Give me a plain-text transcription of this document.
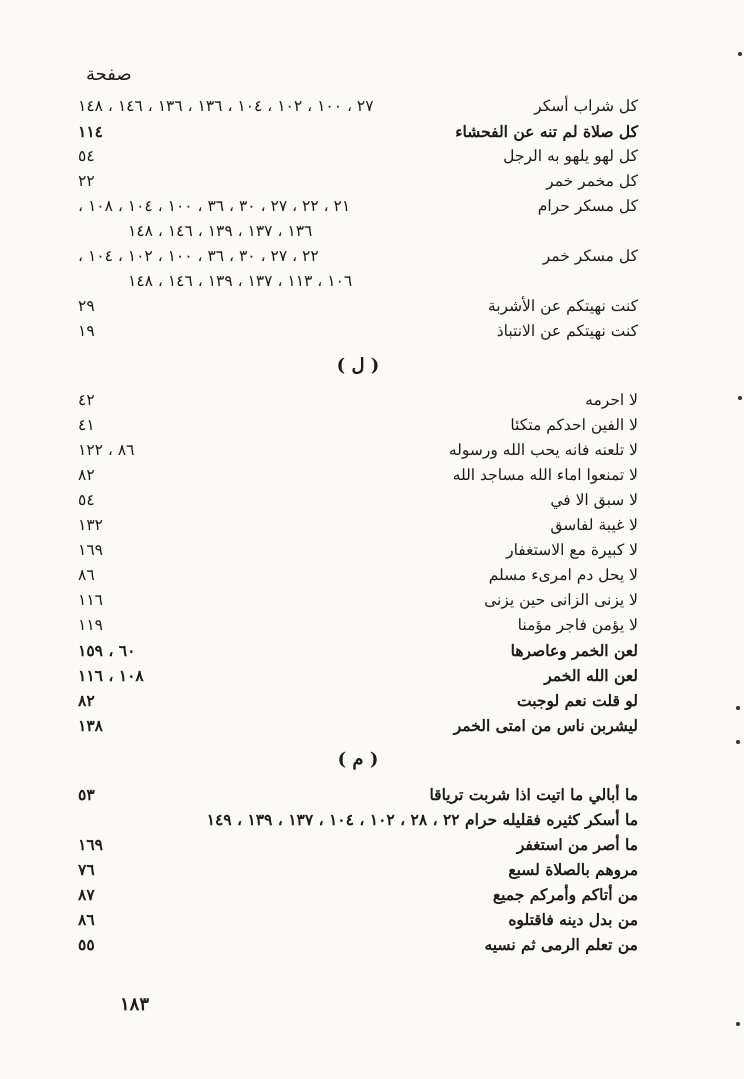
صفحة
كل شراب أسكر
٢٧ ، ١٠٠ ، ١٠٢ ، ١٠٤ ، ١٣٦ ، ١٣٦ ، ١٤٦ ، ١٤٨
كل صلاة لم تنه عن الفحشاء
١١٤
كل لهو يلهو به الرجل
٥٤
كل مخمر خمر
٢٢
كل مسكر حرام
٢١ ، ٢٢ ، ٢٧ ، ٣٠ ، ٣٦ ، ١٠٠ ، ١٠٤ ، ١٠٨ ،
١٣٦ ، ١٣٧ ، ١٣٩ ، ١٤٦ ، ١٤٨
كل مسكر خمر
٢٢ ، ٢٧ ، ٣٠ ، ٣٦ ، ١٠٠ ، ١٠٢ ، ١٠٤ ،
١٠٦ ، ١١٣ ، ١٣٧ ، ١٣٩ ، ١٤٦ ، ١٤٨
كنت نهيتكم عن الأشربة
٢٩
كنت نهيتكم عن الانتباذ
١٩
( ل )
لا احرمه
٤٢
لا الفين احدكم متكئا
٤١
لا تلعنه فانه يحب الله ورسوله
٨٦ ، ١٢٢
لا تمنعوا اماء الله مساجد الله
٨٢
لا سبق الا في
٥٤
لا غيبة لفاسق
١٣٢
لا كبيرة مع الاستغفار
١٦٩
لا يحل دم امرىء مسلم
٨٦
لا يزنى الزانى حين يزنى
١١٦
لا يؤمن فاجر مؤمنا
١١٩
لعن الخمر وعاصرها
٦٠ ، ١٥٩
لعن الله الخمر
١٠٨ ، ١١٦
لو قلت نعم لوجبت
٨٢
ليشربن ناس من امتى الخمر
١٣٨
( م )
ما أبالي ما اتيت اذا شربت ترياقا
٥٣
ما أسكر كثيره فقليله حرام ٢٢ ، ٢٨ ، ١٠٢ ، ١٠٤ ، ١٣٧ ، ١٣٩ ، ١٤٩
ما أصر من استغفر
١٦٩
مروهم بالصلاة لسبع
٧٦
من أتاكم وأمركم جميع
٨٧
من بدل دينه فاقتلوه
٨٦
من تعلم الرمى ثم نسيه
٥٥
١٨٣
